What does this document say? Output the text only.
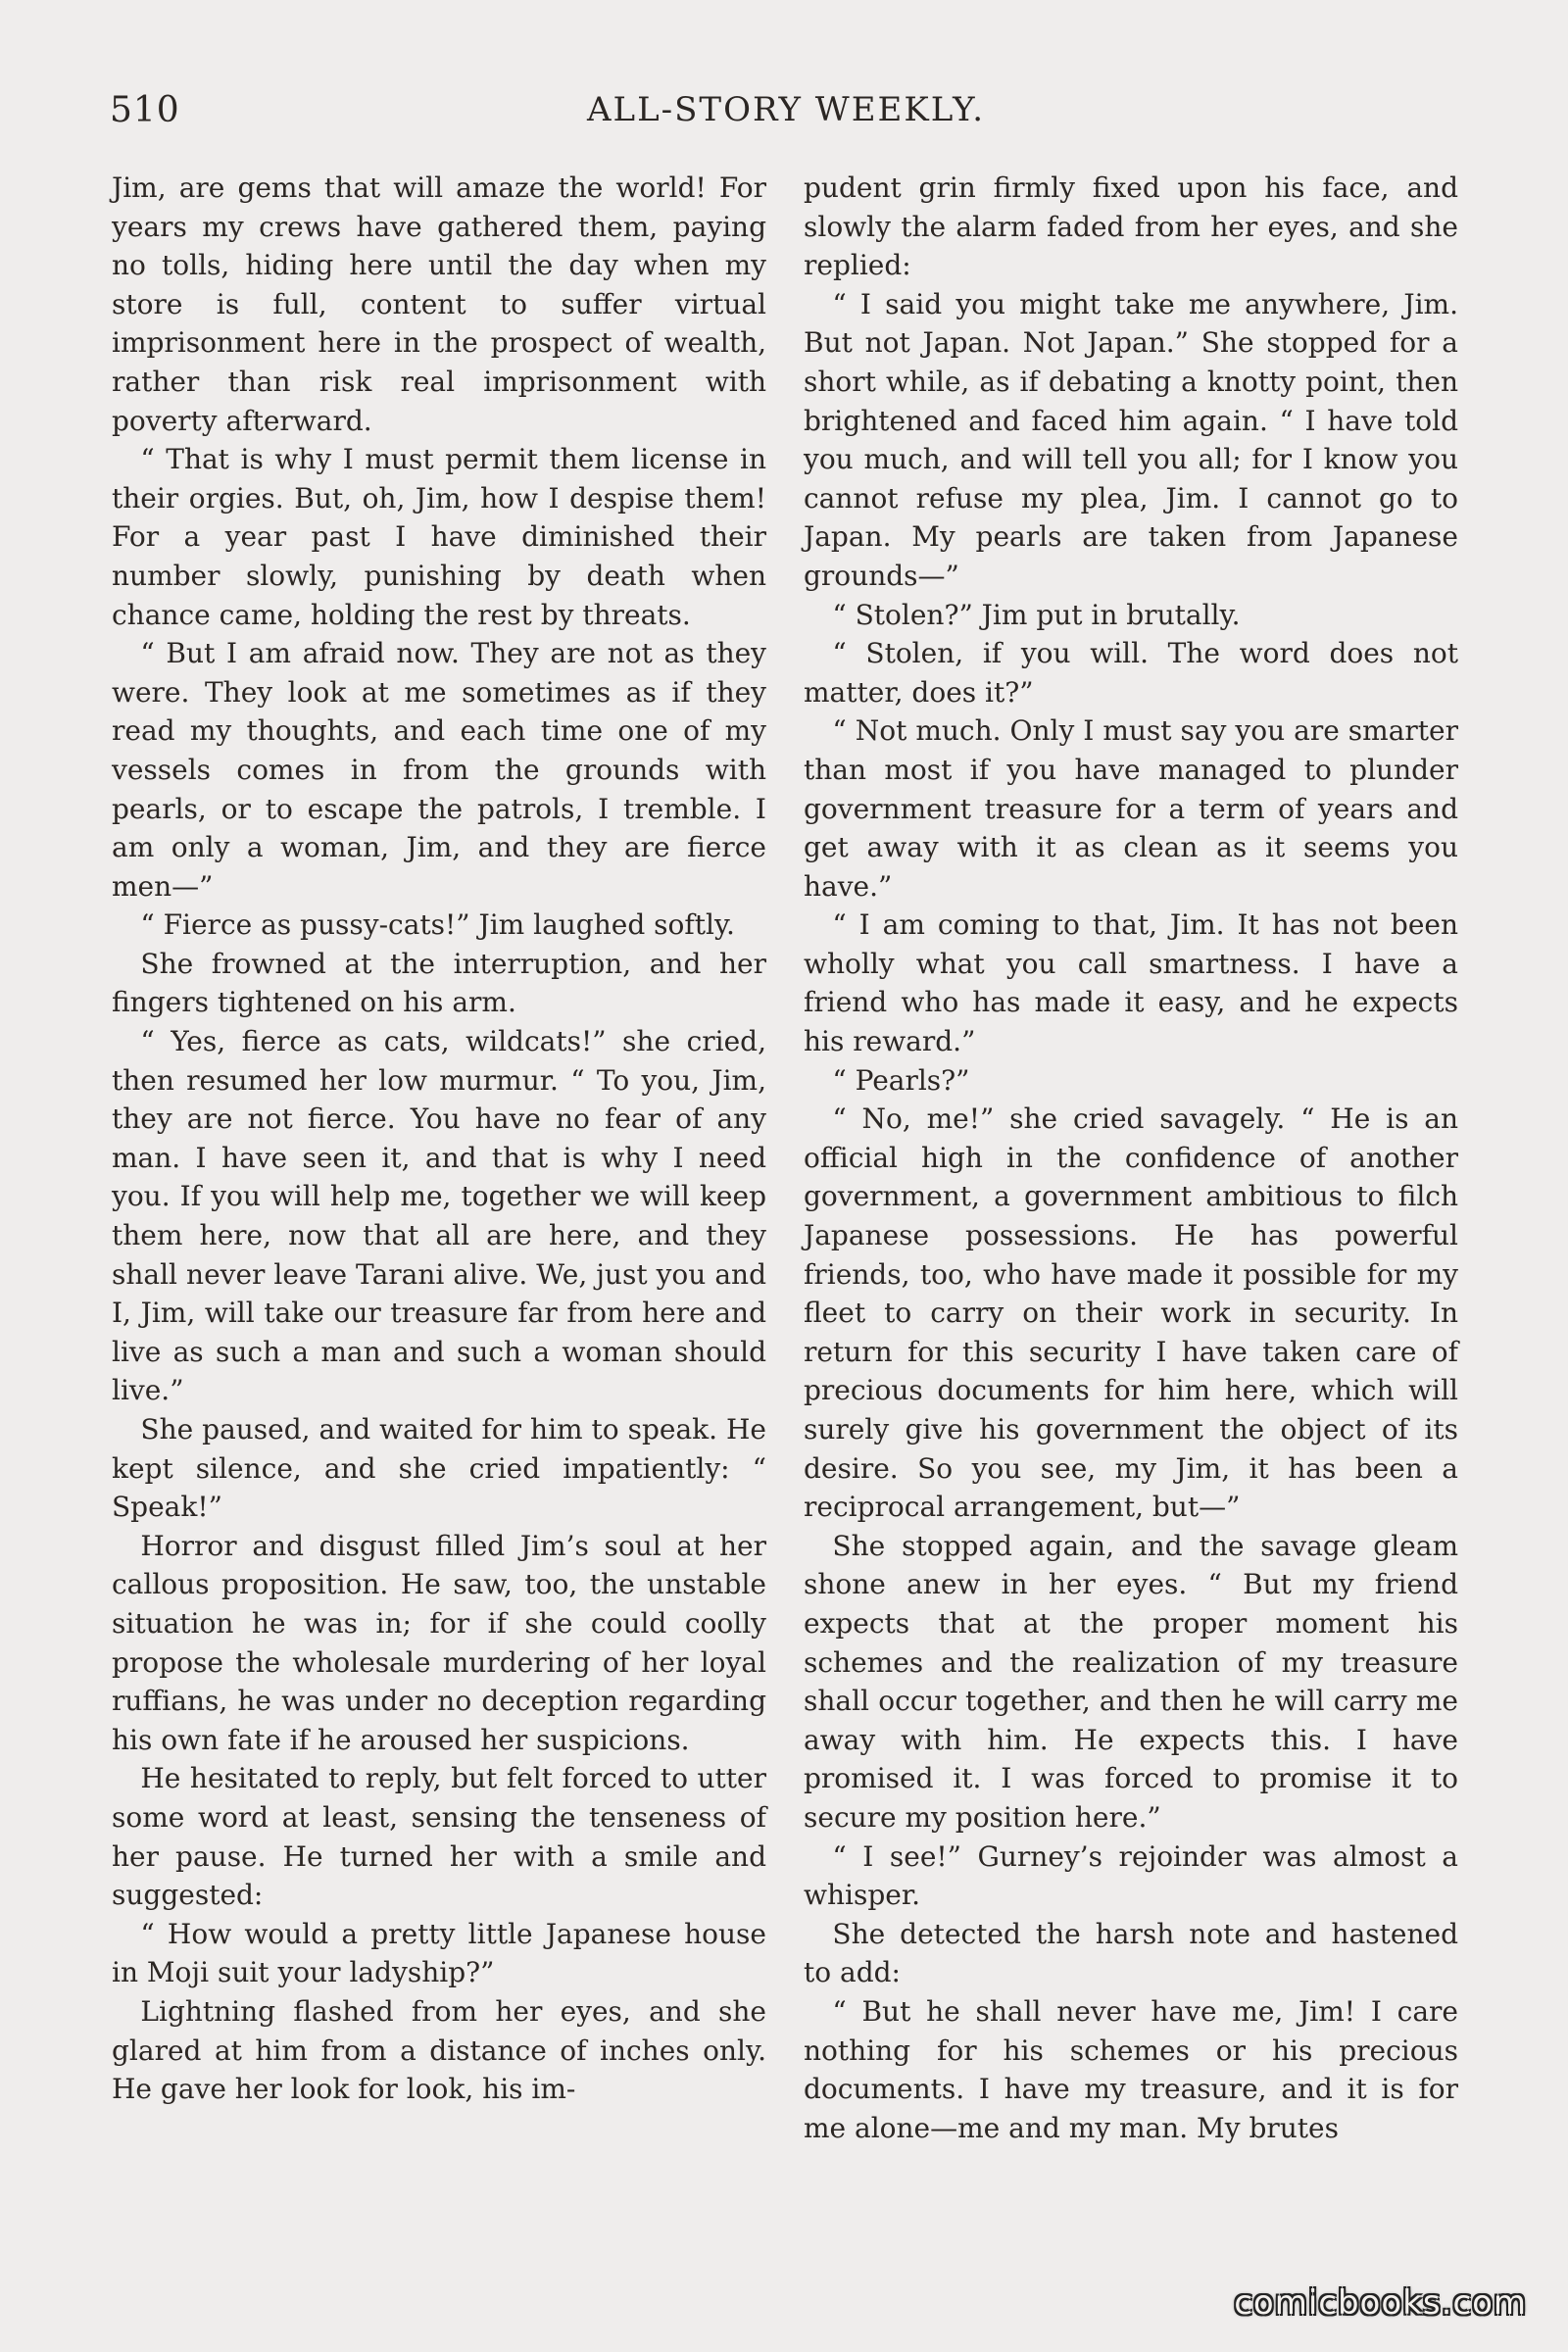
510	ALL-STORY WEEKLY.

Jim, are gems that will amaze the world! For years my crews have gathered them, paying no tolls, hiding here until the day when my store is full, content to suffer virtual imprisonment here in the prospect of wealth, rather than risk real imprisonment with poverty afterward.

“ That is why I must permit them license in their orgies. But, oh, Jim, how I despise them! For a year past I have diminished their number slowly, punishing by death when chance came, holding the rest by threats.

“ But I am afraid now. They are not as they were. They look at me sometimes as if they read my thoughts, and each time one of my vessels comes in from the grounds with pearls, or to escape the patrols, I tremble. I am only a woman, Jim, and they are fierce men—”

“ Fierce as pussy-cats!” Jim laughed softly.

She frowned at the interruption, and her fingers tightened on his arm.

“ Yes, fierce as cats, wildcats!” she cried, then resumed her low murmur. “ To you, Jim, they are not fierce. You have no fear of any man. I have seen it, and that is why I need you. If you will help me, together we will keep them here, now that all are here, and they shall never leave Tarani alive. We, just you and I, Jim, will take our treasure far from here and live as such a man and such a woman should live.”

She paused, and waited for him to speak. He kept silence, and she cried impatiently: “ Speak!”

Horror and disgust filled Jim’s soul at her callous proposition. He saw, too, the unstable situation he was in; for if she could coolly propose the wholesale murdering of her loyal ruffians, he was under no deception regarding his own fate if he aroused her suspicions.

He hesitated to reply, but felt forced to utter some word at least, sensing the tenseness of her pause. He turned her with a smile and suggested:

“ How would a pretty little Japanese house in Moji suit your ladyship?”

Lightning flashed from her eyes, and she glared at him from a distance of inches only. He gave her look for look, his im-

pudent grin firmly fixed upon his face, and slowly the alarm faded from her eyes, and she replied:

“ I said you might take me anywhere, Jim. But not Japan. Not Japan.” She stopped for a short while, as if debating a knotty point, then brightened and faced him again. “ I have told you much, and will tell you all; for I know you cannot refuse my plea, Jim. I cannot go to Japan. My pearls are taken from Japanese grounds—”

“ Stolen?” Jim put in brutally.

“ Stolen, if you will. The word does not matter, does it?”

“ Not much. Only I must say you are smarter than most if you have managed to plunder government treasure for a term of years and get away with it as clean as it seems you have.”

“ I am coming to that, Jim. It has not been wholly what you call smartness. I have a friend who has made it easy, and he expects his reward.”

“ Pearls?”

“ No, me!” she cried savagely. “ He is an official high in the confidence of another government, a government ambitious to filch Japanese possessions. He has powerful friends, too, who have made it possible for my fleet to carry on their work in security. In return for this security I have taken care of precious documents for him here, which will surely give his government the object of its desire. So you see, my Jim, it has been a reciprocal arrangement, but—”

She stopped again, and the savage gleam shone anew in her eyes. “ But my friend expects that at the proper moment his schemes and the realization of my treasure shall occur together, and then he will carry me away with him. He expects this. I have promised it. I was forced to promise it to secure my position here.”

“ I see!” Gurney’s rejoinder was almost a whisper.

She detected the harsh note and hastened to add:

“ But he shall never have me, Jim! I care nothing for his schemes or his precious documents. I have my treasure, and it is for me alone—me and my man. My brutes

comicbooks.com
